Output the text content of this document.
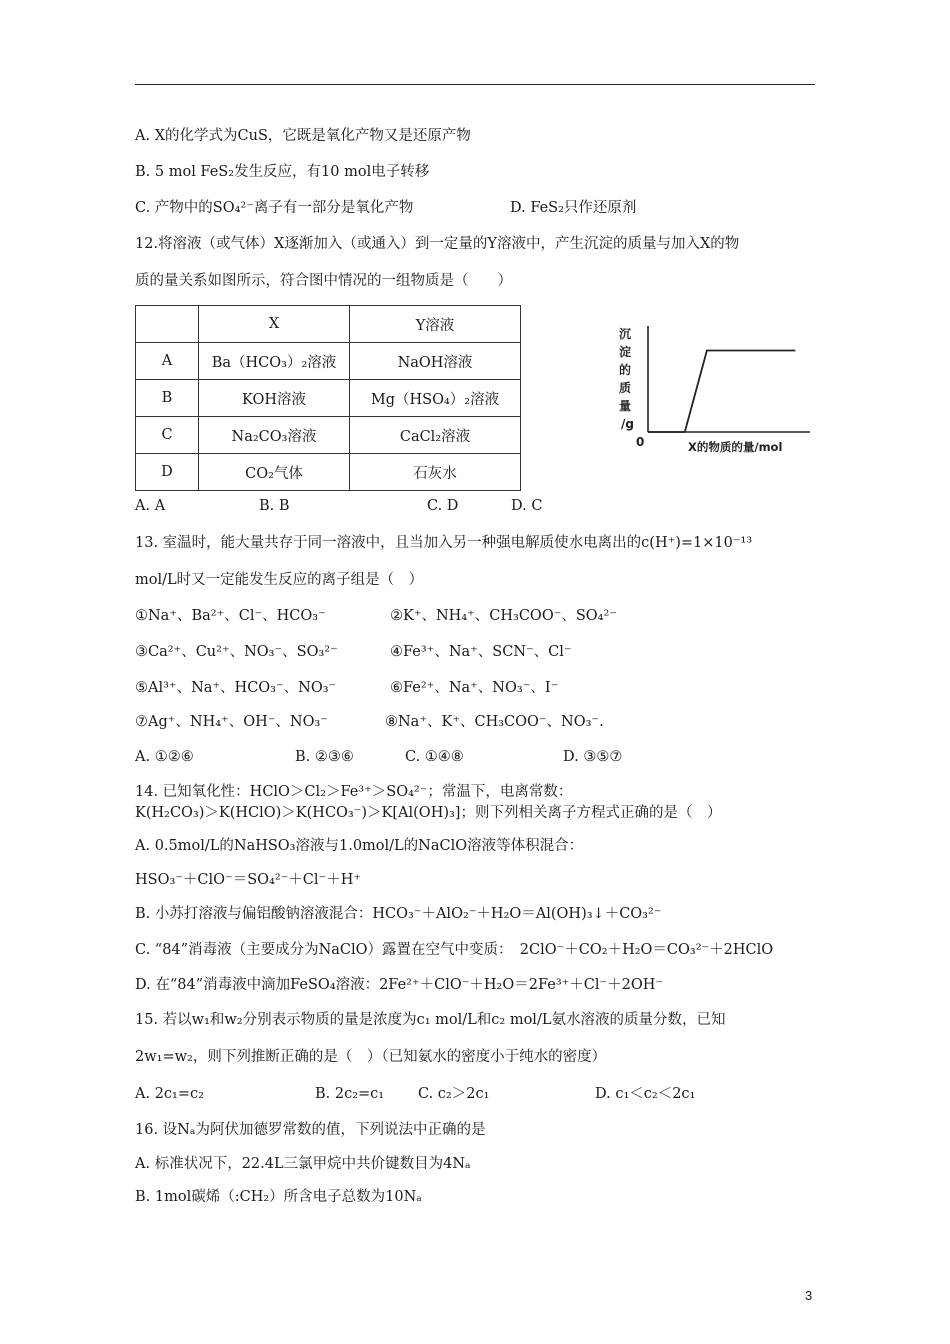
A. X的化学式为CuS，它既是氧化产物又是还原产物
B. 5 mol FeS₂发生反应，有10 mol电子转移
C. 产物中的SO₄²⁻离子有一部分是氧化产物	D. FeS₂只作还原剂
12.将溶液（或气体）X逐渐加入（或通入）到一定量的Y溶液中，产生沉淀的质量与加入X的物
质的量关系如图所示，符合图中情况的一组物质是（　　）
	X	Y溶液
A	Ba（HCO₃）₂溶液	NaOH溶液
B	KOH溶液	Mg（HSO₄）₂溶液
C	Na₂CO₃溶液	CaCl₂溶液
D	CO₂气体	石灰水
沉
淀
的
质
量
/g
0	X的物质的量/mol
A. A	B. B	C. D	D. C
13. 室温时，能大量共存于同一溶液中，且当加入另一种强电解质使水电离出的c(H⁺)=1×10⁻¹³
mol/L时又一定能发生反应的离子组是（　）
①Na⁺、Ba²⁺、Cl⁻、HCO₃⁻	②K⁺、NH₄⁺、CH₃COO⁻、SO₄²⁻
③Ca²⁺、Cu²⁺、NO₃⁻、SO₃²⁻	④Fe³⁺、Na⁺、SCN⁻、Cl⁻
⑤Al³⁺、Na⁺、HCO₃⁻、NO₃⁻	⑥Fe²⁺、Na⁺、NO₃⁻、I⁻
⑦Ag⁺、NH₄⁺、OH⁻、NO₃⁻	⑧Na⁺、K⁺、CH₃COO⁻、NO₃⁻.
A. ①②⑥	B. ②③⑥	C. ①④⑧	D. ③⑤⑦
14. 已知氧化性：HClO＞Cl₂＞Fe³⁺＞SO₄²⁻；常温下，电离常数：
K(H₂CO₃)＞K(HClO)＞K(HCO₃⁻)＞K[Al(OH)₃]；则下列相关离子方程式正确的是（　）
A. 0.5mol/L的NaHSO₃溶液与1.0mol/L的NaClO溶液等体积混合：
HSO₃⁻＋ClO⁻＝SO₄²⁻＋Cl⁻＋H⁺
B. 小苏打溶液与偏铝酸钠溶液混合：HCO₃⁻＋AlO₂⁻＋H₂O＝Al(OH)₃↓＋CO₃²⁻
C. “84”消毒液（主要成分为NaClO）露置在空气中变质：　2ClO⁻＋CO₂＋H₂O＝CO₃²⁻＋2HClO
D. 在“84”消毒液中滴加FeSO₄溶液：2Fe²⁺＋ClO⁻＋H₂O＝2Fe³⁺＋Cl⁻＋2OH⁻
15. 若以w₁和w₂分别表示物质的量是浓度为c₁ mol/L和c₂ mol/L氨水溶液的质量分数，已知
2w₁=w₂，则下列推断正确的是（　）（已知氨水的密度小于纯水的密度）
A. 2c₁=c₂	B. 2c₂=c₁ C. c₂＞2c₁	D. c₁＜c₂＜2c₁
16. 设Nₐ为阿伏加德罗常数的值，下列说法中正确的是
A. 标准状况下，22.4L三氯甲烷中共价键数目为4Nₐ
B. 1mol碳烯（:CH₂）所含电子总数为10Nₐ
3
